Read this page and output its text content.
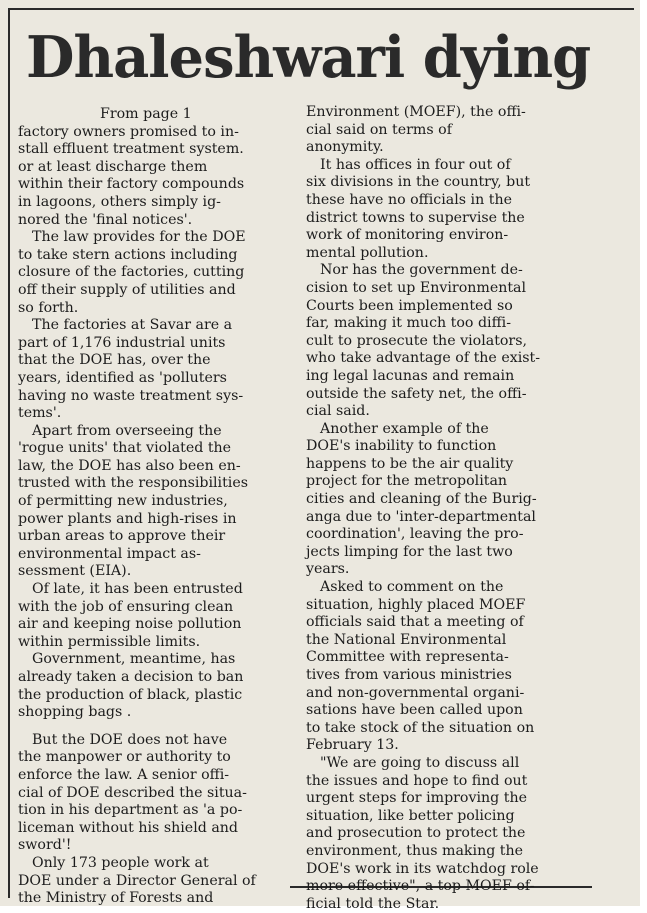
Dhaleshwari dying
From page 1
factory owners promised to in-
stall effluent treatment system.
or at least discharge them
within their factory compounds
in lagoons, others simply ig-
nored the 'final notices'.
The law provides for the DOE
to take stern actions including
closure of the factories, cutting
off their supply of utilities and
so forth.
The factories at Savar are a
part of 1,176 industrial units
that the DOE has, over the
years, identified as 'polluters
having no waste treatment sys-
tems'.
Apart from overseeing the
'rogue units' that violated the
law, the DOE has also been en-
trusted with the responsibilities
of permitting new industries,
power plants and high-rises in
urban areas to approve their
environmental impact as-
sessment (EIA).
Of late, it has been entrusted
with the job of ensuring clean
air and keeping noise pollution
within permissible limits.
Government, meantime, has
already taken a decision to ban
the production of black, plastic
shopping bags .
But the DOE does not have
the manpower or authority to
enforce the law. A senior offi-
cial of DOE described the situa-
tion in his department as 'a po-
liceman without his shield and
sword'!
Only 173 people work at
DOE under a Director General of
the Ministry of Forests and
Environment (MOEF), the offi-
cial said on terms of
anonymity.
It has offices in four out of
six divisions in the country, but
these have no officials in the
district towns to supervise the
work of monitoring environ-
mental pollution.
Nor has the government de-
cision to set up Environmental
Courts been implemented so
far, making it much too diffi-
cult to prosecute the violators,
who take advantage of the exist-
ing legal lacunas and remain
outside the safety net, the offi-
cial said.
Another example of the
DOE's inability to function
happens to be the air quality
project for the metropolitan
cities and cleaning of the Burig-
anga due to 'inter-departmental
coordination', leaving the pro-
jects limping for the last two
years.
Asked to comment on the
situation, highly placed MOEF
officials said that a meeting of
the National Environmental
Committee with representa-
tives from various ministries
and non-governmental organi-
sations have been called upon
to take stock of the situation on
February 13.
"We are going to discuss all
the issues and hope to find out
urgent steps for improving the
situation, like better policing
and prosecution to protect the
environment, thus making the
DOE's work in its watchdog role
more effective", a top MOEF of-
ficial told the Star.
